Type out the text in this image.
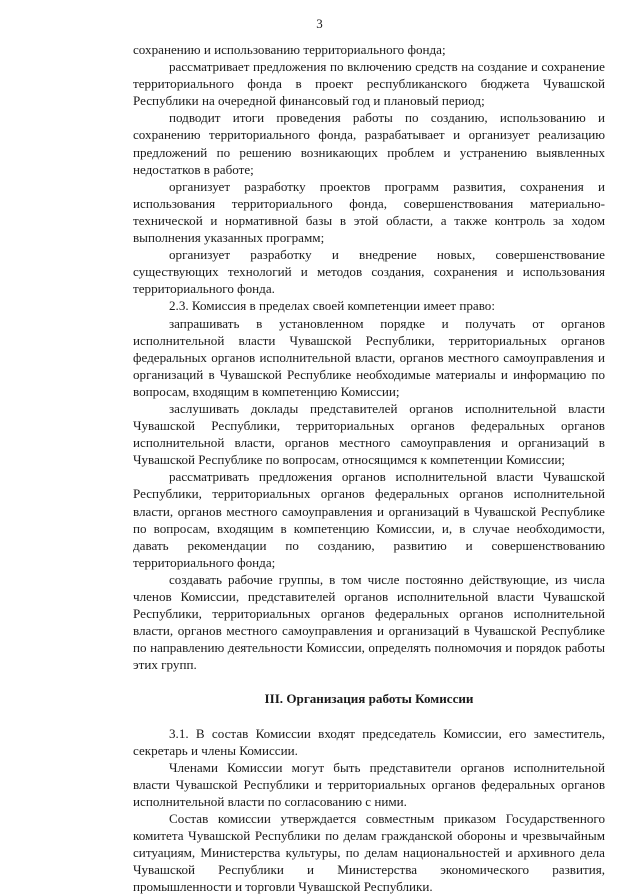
3

сохранению и использованию территориального фонда;

рассматривает предложения по включению средств на создание и сохранение территориального фонда в проект республиканского бюджета Чувашской Республики на очередной финансовый год и плановый период;

подводит итоги проведения работы по созданию, использованию и сохранению территориального фонда, разрабатывает и организует реализацию предложений по решению возникающих проблем и устранению выявленных недостатков в работе;

организует разработку проектов программ развития, сохранения и использования территориального фонда, совершенствования материально-технической и нормативной базы в этой области, а также контроль за ходом выполнения указанных программ;

организует разработку и внедрение новых, совершенствование существующих технологий и методов создания, сохранения и использования территориального фонда.

2.3. Комиссия в пределах своей компетенции имеет право:

запрашивать в установленном порядке и получать от органов исполнительной власти Чувашской Республики, территориальных органов федеральных органов исполнительной власти, органов местного самоуправления и организаций в Чувашской Республике необходимые материалы и информацию по вопросам, входящим в компетенцию Комиссии;

заслушивать доклады представителей органов исполнительной власти Чувашской Республики, территориальных органов федеральных органов исполнительной власти, органов местного самоуправления и организаций в Чувашской Республике по вопросам, относящимся к компетенции Комиссии;

рассматривать предложения органов исполнительной власти Чувашской Республики, территориальных органов федеральных органов исполнительной власти, органов местного самоуправления и организаций в Чувашской Республике по вопросам, входящим в компетенцию Комиссии, и, в случае необходимости, давать рекомендации по созданию, развитию и совершенствованию территориального фонда;

создавать рабочие группы, в том числе постоянно действующие, из числа членов Комиссии, представителей органов исполнительной власти Чувашской Республики, территориальных органов федеральных органов исполнительной власти, органов местного самоуправления и организаций в Чувашской Республике по направлению деятельности Комиссии, определять полномочия и порядок работы этих групп.

III. Организация работы Комиссии

3.1. В состав Комиссии входят председатель Комиссии, его заместитель, секретарь и члены Комиссии.

Членами Комиссии могут быть представители органов исполнительной власти Чувашской Республики и территориальных органов федеральных органов исполнительной власти по согласованию с ними.

Состав комиссии утверждается совместным приказом Государственного комитета Чувашской Республики по делам гражданской обороны и чрезвычайным ситуациям, Министерства культуры, по делам национальностей и архивного дела Чувашской Республики и Министерства экономического развития, промышленности и торговли Чувашской Республики.
